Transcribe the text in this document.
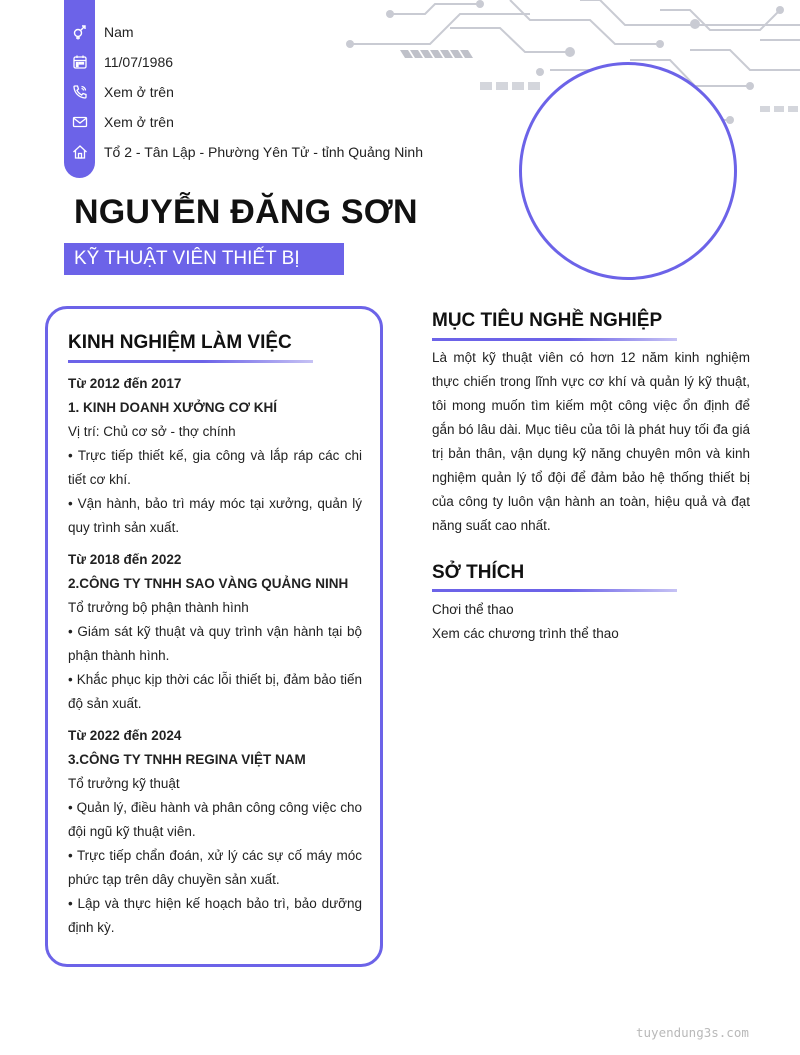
Nam
11/07/1986
Xem ở trên
Xem ở trên
Tổ 2 - Tân Lập - Phường Yên Tử - tỉnh Quảng Ninh
NGUYỄN ĐĂNG SƠN
KỸ THUẬT VIÊN THIẾT BỊ
KINH NGHIỆM LÀM VIỆC
Từ 2012 đến 2017
1. KINH DOANH XƯỞNG CƠ KHÍ
Vị trí: Chủ cơ sở - thợ chính
• Trực tiếp thiết kế, gia công và lắp ráp các chi tiết cơ khí.
• Vận hành, bảo trì máy móc tại xưởng, quản lý quy trình sản xuất.
Từ 2018 đến 2022
2.CÔNG TY TNHH SAO VÀNG QUẢNG NINH
Tổ trưởng bộ phận thành hình
• Giám sát kỹ thuật và quy trình vận hành tại bộ phận thành hình.
• Khắc phục kịp thời các lỗi thiết bị, đảm bảo tiến độ sản xuất.
Từ 2022 đến 2024
3.CÔNG TY TNHH REGINA VIỆT NAM
Tổ trưởng kỹ thuật
• Quản lý, điều hành và phân công công việc cho đội ngũ kỹ thuật viên.
• Trực tiếp chẩn đoán, xử lý các sự cố máy móc phức tạp trên dây chuyền sản xuất.
• Lập và thực hiện kế hoạch bảo trì, bảo dưỡng định kỳ.
MỤC TIÊU NGHỀ NGHIỆP
Là một kỹ thuật viên có hơn 12 năm kinh nghiệm thực chiến trong lĩnh vực cơ khí và quản lý kỹ thuật, tôi mong muốn tìm kiếm một công việc ổn định để gắn bó lâu dài. Mục tiêu của tôi là phát huy tối đa giá trị bản thân, vận dụng kỹ năng chuyên môn và kinh nghiệm quản lý tổ đội để đảm bảo hệ thống thiết bị của công ty luôn vận hành an toàn, hiệu quả và đạt năng suất cao nhất.
SỞ THÍCH
Chơi thể thao
Xem các chương trình thể thao
tuyendung3s.com
